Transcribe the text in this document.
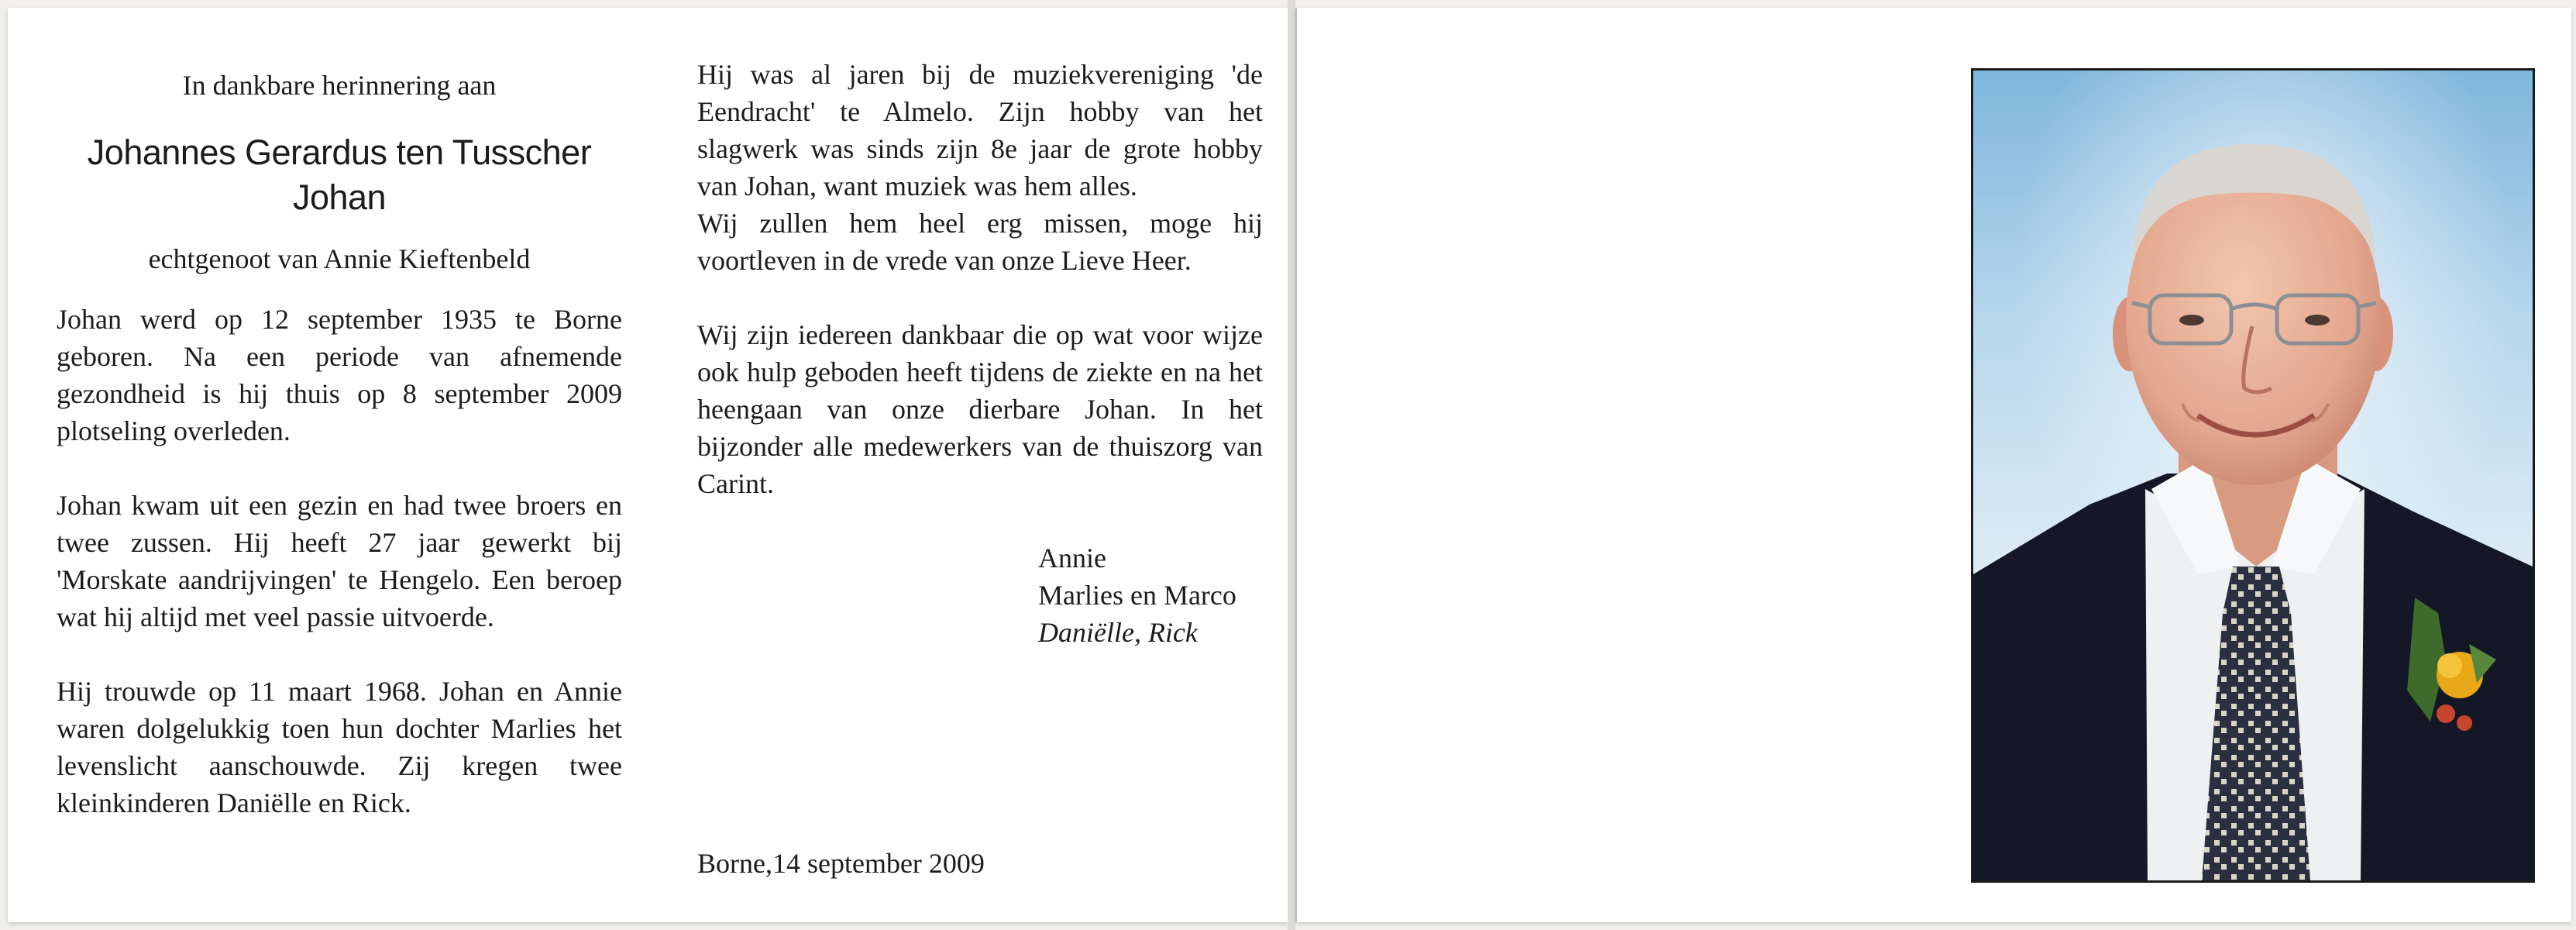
In dankbare herinnering aan
Johannes Gerardus ten Tusscher
Johan
echtgenoot van Annie Kieftenbeld

Johan werd op 12 september 1935 te Borne geboren. Na een periode van afnemende gezondheid is hij thuis op 8 september 2009 plotseling overleden.

Johan kwam uit een gezin en had twee broers en twee zussen. Hij heeft 27 jaar gewerkt bij 'Morskate aandrijvingen' te Hengelo. Een beroep wat hij altijd met veel passie uitvoerde.

Hij trouwde op 11 maart 1968. Johan en Annie waren dolgelukkig toen hun dochter Marlies het levenslicht aanschouwde. Zij kregen twee kleinkinderen Daniëlle en Rick.

Hij was al jaren bij de muziekvereniging 'de Eendracht' te Almelo. Zijn hobby van het slagwerk was sinds zijn 8e jaar de grote hobby van Johan, want muziek was hem alles.

Wij zullen hem heel erg missen, moge hij voortleven in de vrede van onze Lieve Heer.

Wij zijn iedereen dankbaar die op wat voor wijze ook hulp geboden heeft tijdens de ziekte en na het heengaan van onze dierbare Johan. In het bijzonder alle medewerkers van de thuiszorg van Carint.

Annie
Marlies en Marco
Daniëlle, Rick
Borne,14 september 2009
